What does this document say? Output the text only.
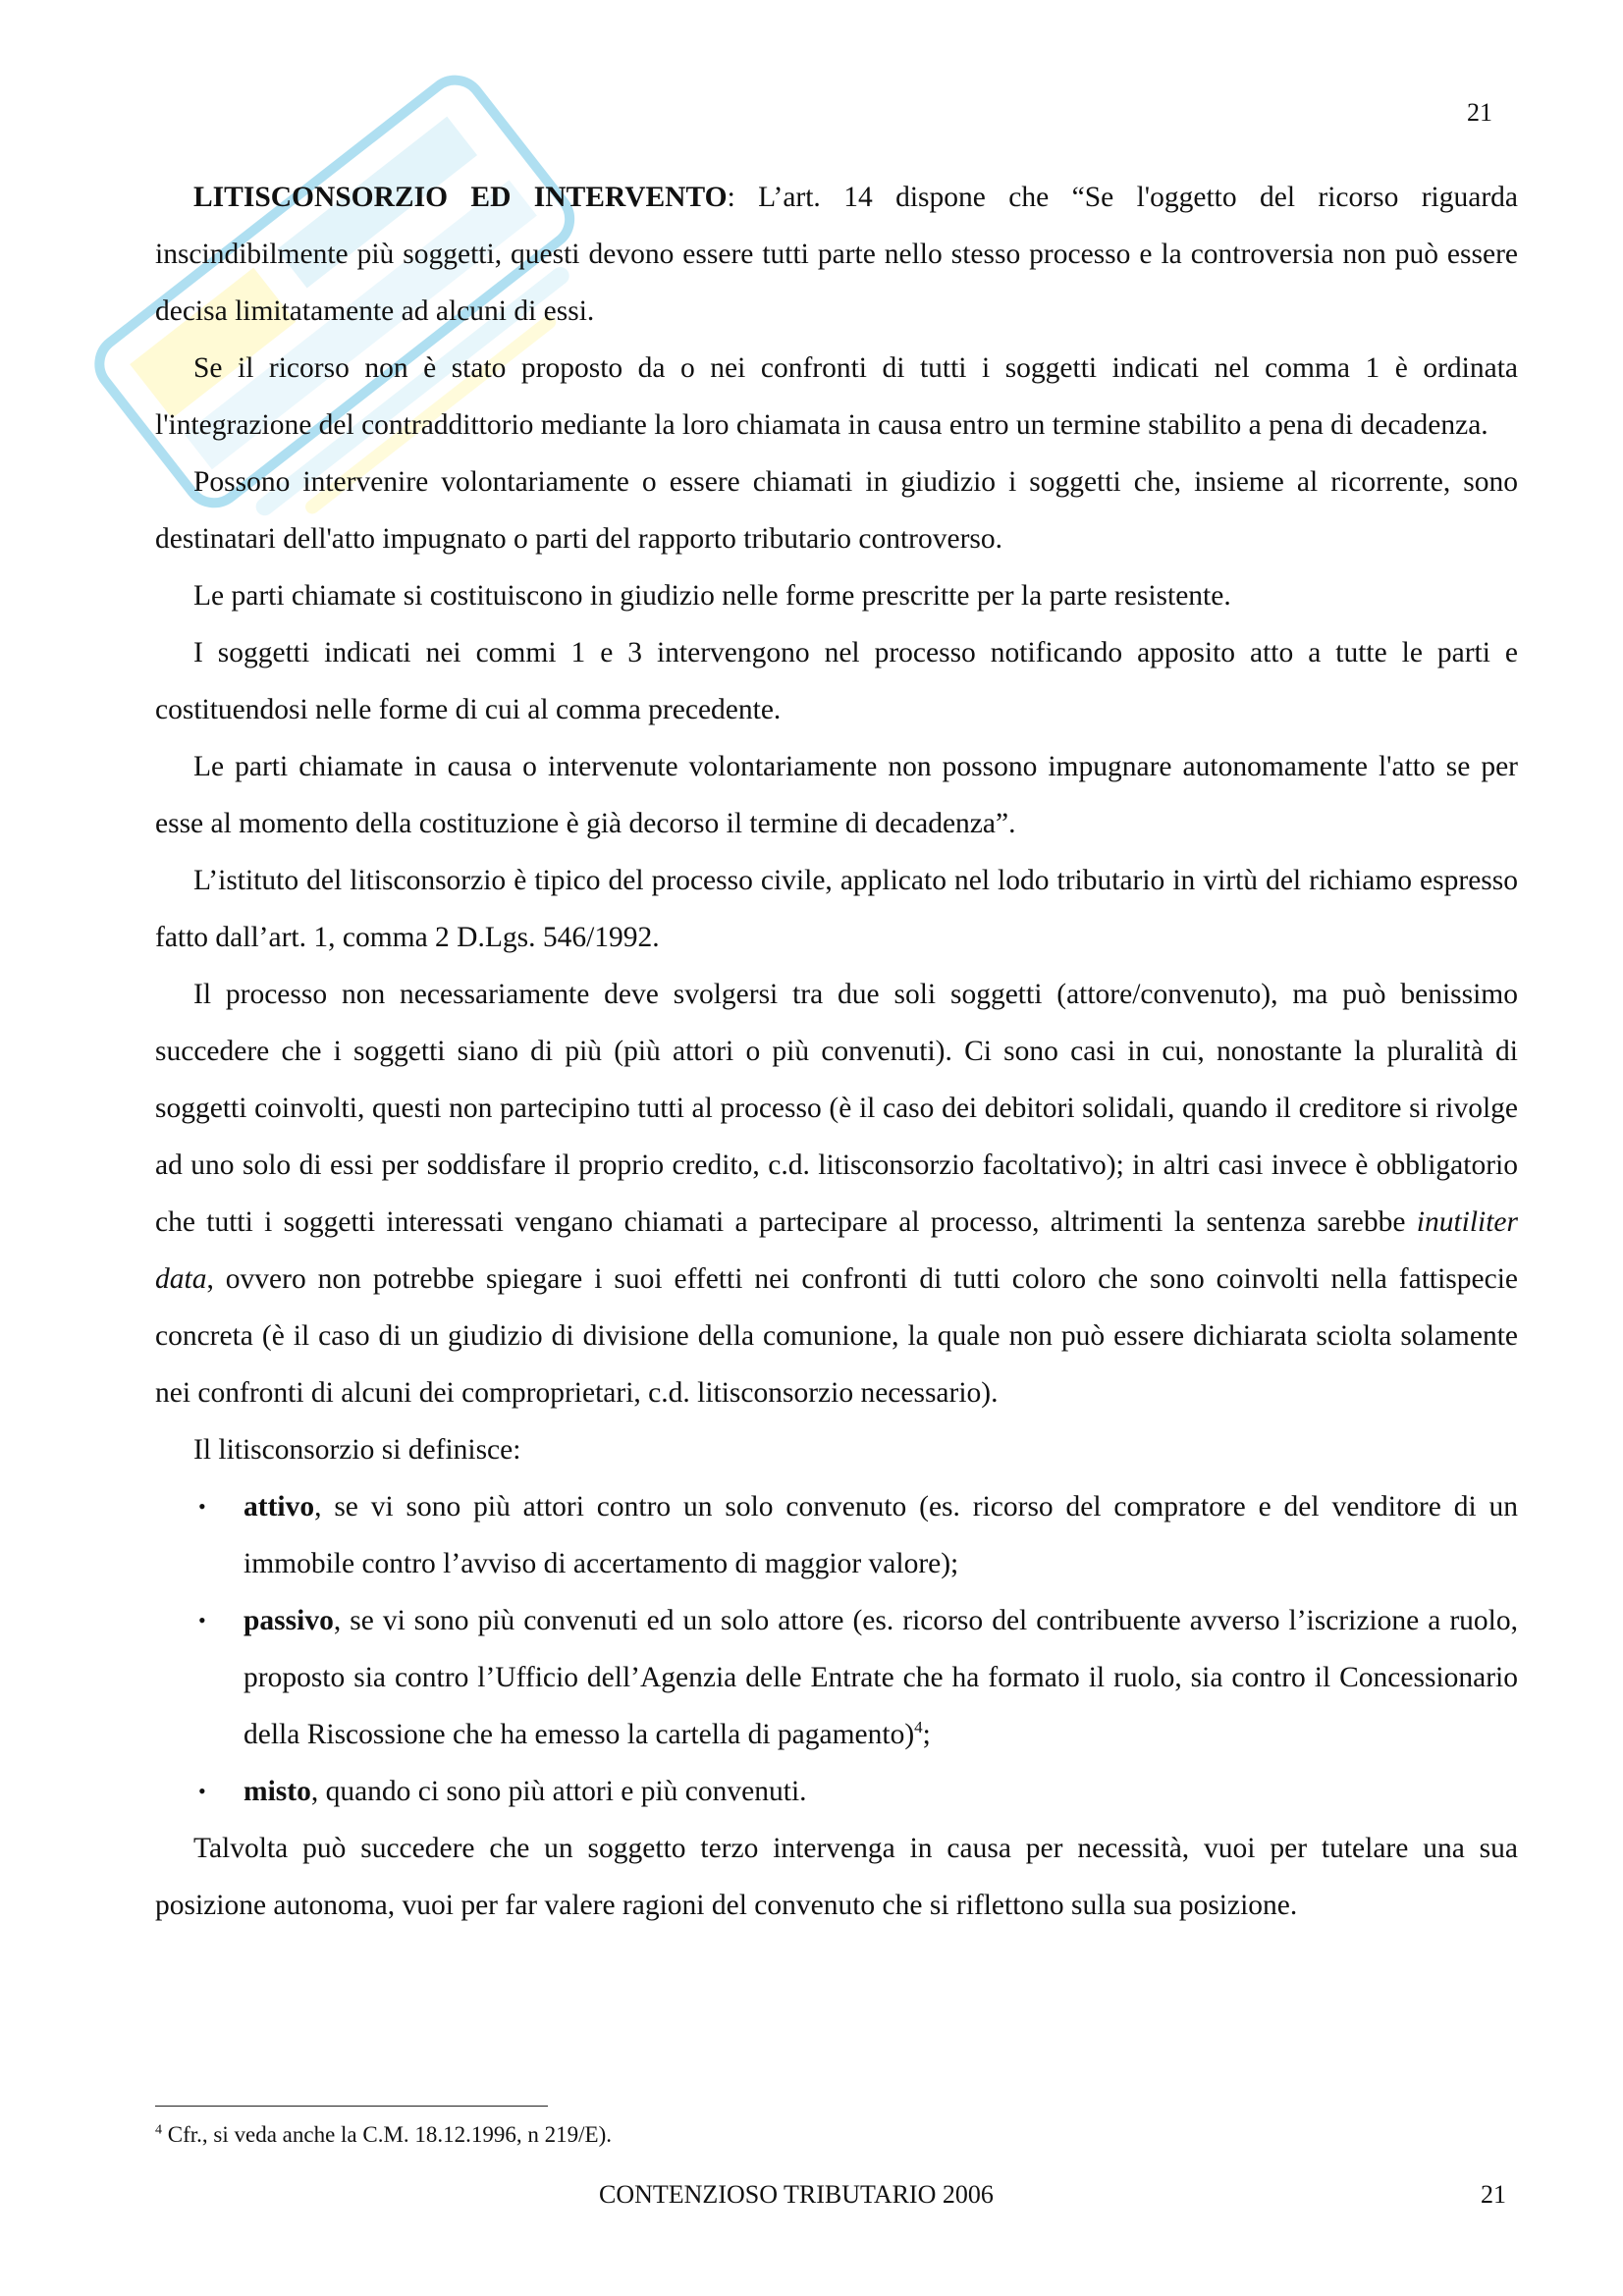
21

LITISCONSORZIO ED INTERVENTO: L’art. 14 dispone che “Se l'oggetto del ricorso riguarda inscindibilmente più soggetti, questi devono essere tutti parte nello stesso processo e la controversia non può essere decisa limitatamente ad alcuni di essi.

Se il ricorso non è stato proposto da o nei confronti di tutti i soggetti indicati nel comma 1 è ordinata l'integrazione del contraddittorio mediante la loro chiamata in causa entro un termine stabilito a pena di decadenza.

Possono intervenire volontariamente o essere chiamati in giudizio i soggetti che, insieme al ricorrente, sono destinatari dell'atto impugnato o parti del rapporto tributario controverso.

Le parti chiamate si costituiscono in giudizio nelle forme prescritte per la parte resistente.

I soggetti indicati nei commi 1 e 3 intervengono nel processo notificando apposito atto a tutte le parti e costituendosi nelle forme di cui al comma precedente.

Le parti chiamate in causa o intervenute volontariamente non possono impugnare autonomamente l'atto se per esse al momento della costituzione è già decorso il termine di decadenza”.

L’istituto del litisconsorzio è tipico del processo civile, applicato nel lodo tributario in virtù del richiamo espresso fatto dall’art. 1, comma 2 D.Lgs. 546/1992.

Il processo non necessariamente deve svolgersi tra due soli soggetti (attore/convenuto), ma può benissimo succedere che i soggetti siano di più (più attori o più convenuti). Ci sono casi in cui, nonostante la pluralità di soggetti coinvolti, questi non partecipino tutti al processo (è il caso dei debitori solidali, quando il creditore si rivolge ad uno solo di essi per soddisfare il proprio credito, c.d. litisconsorzio facoltativo); in altri casi invece è obbligatorio che tutti i soggetti interessati vengano chiamati a partecipare al processo, altrimenti la sentenza sarebbe inutiliter data, ovvero non potrebbe spiegare i suoi effetti nei confronti di tutti coloro che sono coinvolti nella fattispecie concreta (è il caso di un giudizio di divisione della comunione, la quale non può essere dichiarata sciolta solamente nei confronti di alcuni dei comproprietari, c.d. litisconsorzio necessario).

Il litisconsorzio si definisce:

• attivo, se vi sono più attori contro un solo convenuto (es. ricorso del compratore e del venditore di un immobile contro l’avviso di accertamento di maggior valore);
• passivo, se vi sono più convenuti ed un solo attore (es. ricorso del contribuente avverso l’iscrizione a ruolo, proposto sia contro l’Ufficio dell’Agenzia delle Entrate che ha formato il ruolo, sia contro il Concessionario della Riscossione che ha emesso la cartella di pagamento)$^4$;
• misto, quando ci sono più attori e più convenuti.

Talvolta può succedere che un soggetto terzo intervenga in causa per necessità, vuoi per tutelare una sua posizione autonoma, vuoi per far valere ragioni del convenuto che si riflettono sulla sua posizione.

$^4$ Cfr., si veda anche la C.M. 18.12.1996, n 219/E).
CONTENZIOSO TRIBUTARIO 2006	21
